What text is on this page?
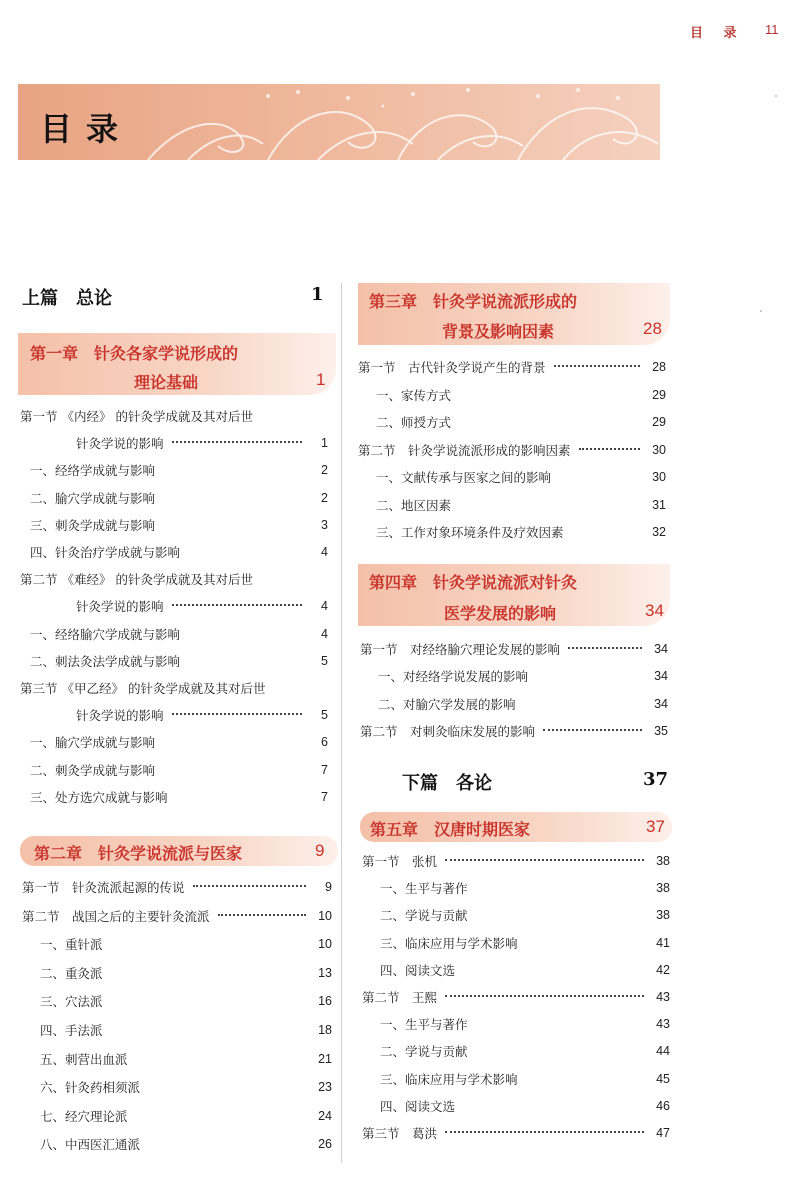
目 录 11
目录
上篇　总论	1
第一章　针灸各家学说形成的
理论基础	1
第一节 《内经》 的针灸学成就及其对后世
针灸学说的影响	1
一、经络学成就与影响	2
二、腧穴学成就与影响	2
三、刺灸学成就与影响	3
四、针灸治疗学成就与影响	4
第二节 《难经》 的针灸学成就及其对后世
针灸学说的影响	4
一、经络腧穴学成就与影响	4
二、刺法灸法学成就与影响	5
第三节 《甲乙经》 的针灸学成就及其对后世
针灸学说的影响	5
一、腧穴学成就与影响	6
二、刺灸学成就与影响	7
三、处方选穴成就与影响	7
第二章　针灸学说流派与医家	9
第一节　针灸流派起源的传说	9
第二节　战国之后的主要针灸流派	10
一、重针派	10
二、重灸派	13
三、穴法派	16
四、手法派	18
五、刺营出血派	21
六、针灸药相须派	23
七、经穴理论派	24
八、中西医汇通派	26
第三章　针灸学说流派形成的
背景及影响因素	28
第一节　古代针灸学说产生的背景	28
一、家传方式	29
二、师授方式	29
第二节　针灸学说流派形成的影响因素	30
一、文献传承与医家之间的影响	30
二、地区因素	31
三、工作对象环境条件及疗效因素	32
第四章　针灸学说流派对针灸
医学发展的影响	34
第一节　对经络腧穴理论发展的影响	34
一、对经络学说发展的影响	34
二、对腧穴学发展的影响	34
第二节　对刺灸临床发展的影响	35
下篇　各论	37
第五章　汉唐时期医家	37
第一节　张机	38
一、生平与著作	38
二、学说与贡献	38
三、临床应用与学术影响	41
四、阅读文选	42
第二节　王熙	43
一、生平与著作	43
二、学说与贡献	44
三、临床应用与学术影响	45
四、阅读文选	46
第三节　葛洪	47
